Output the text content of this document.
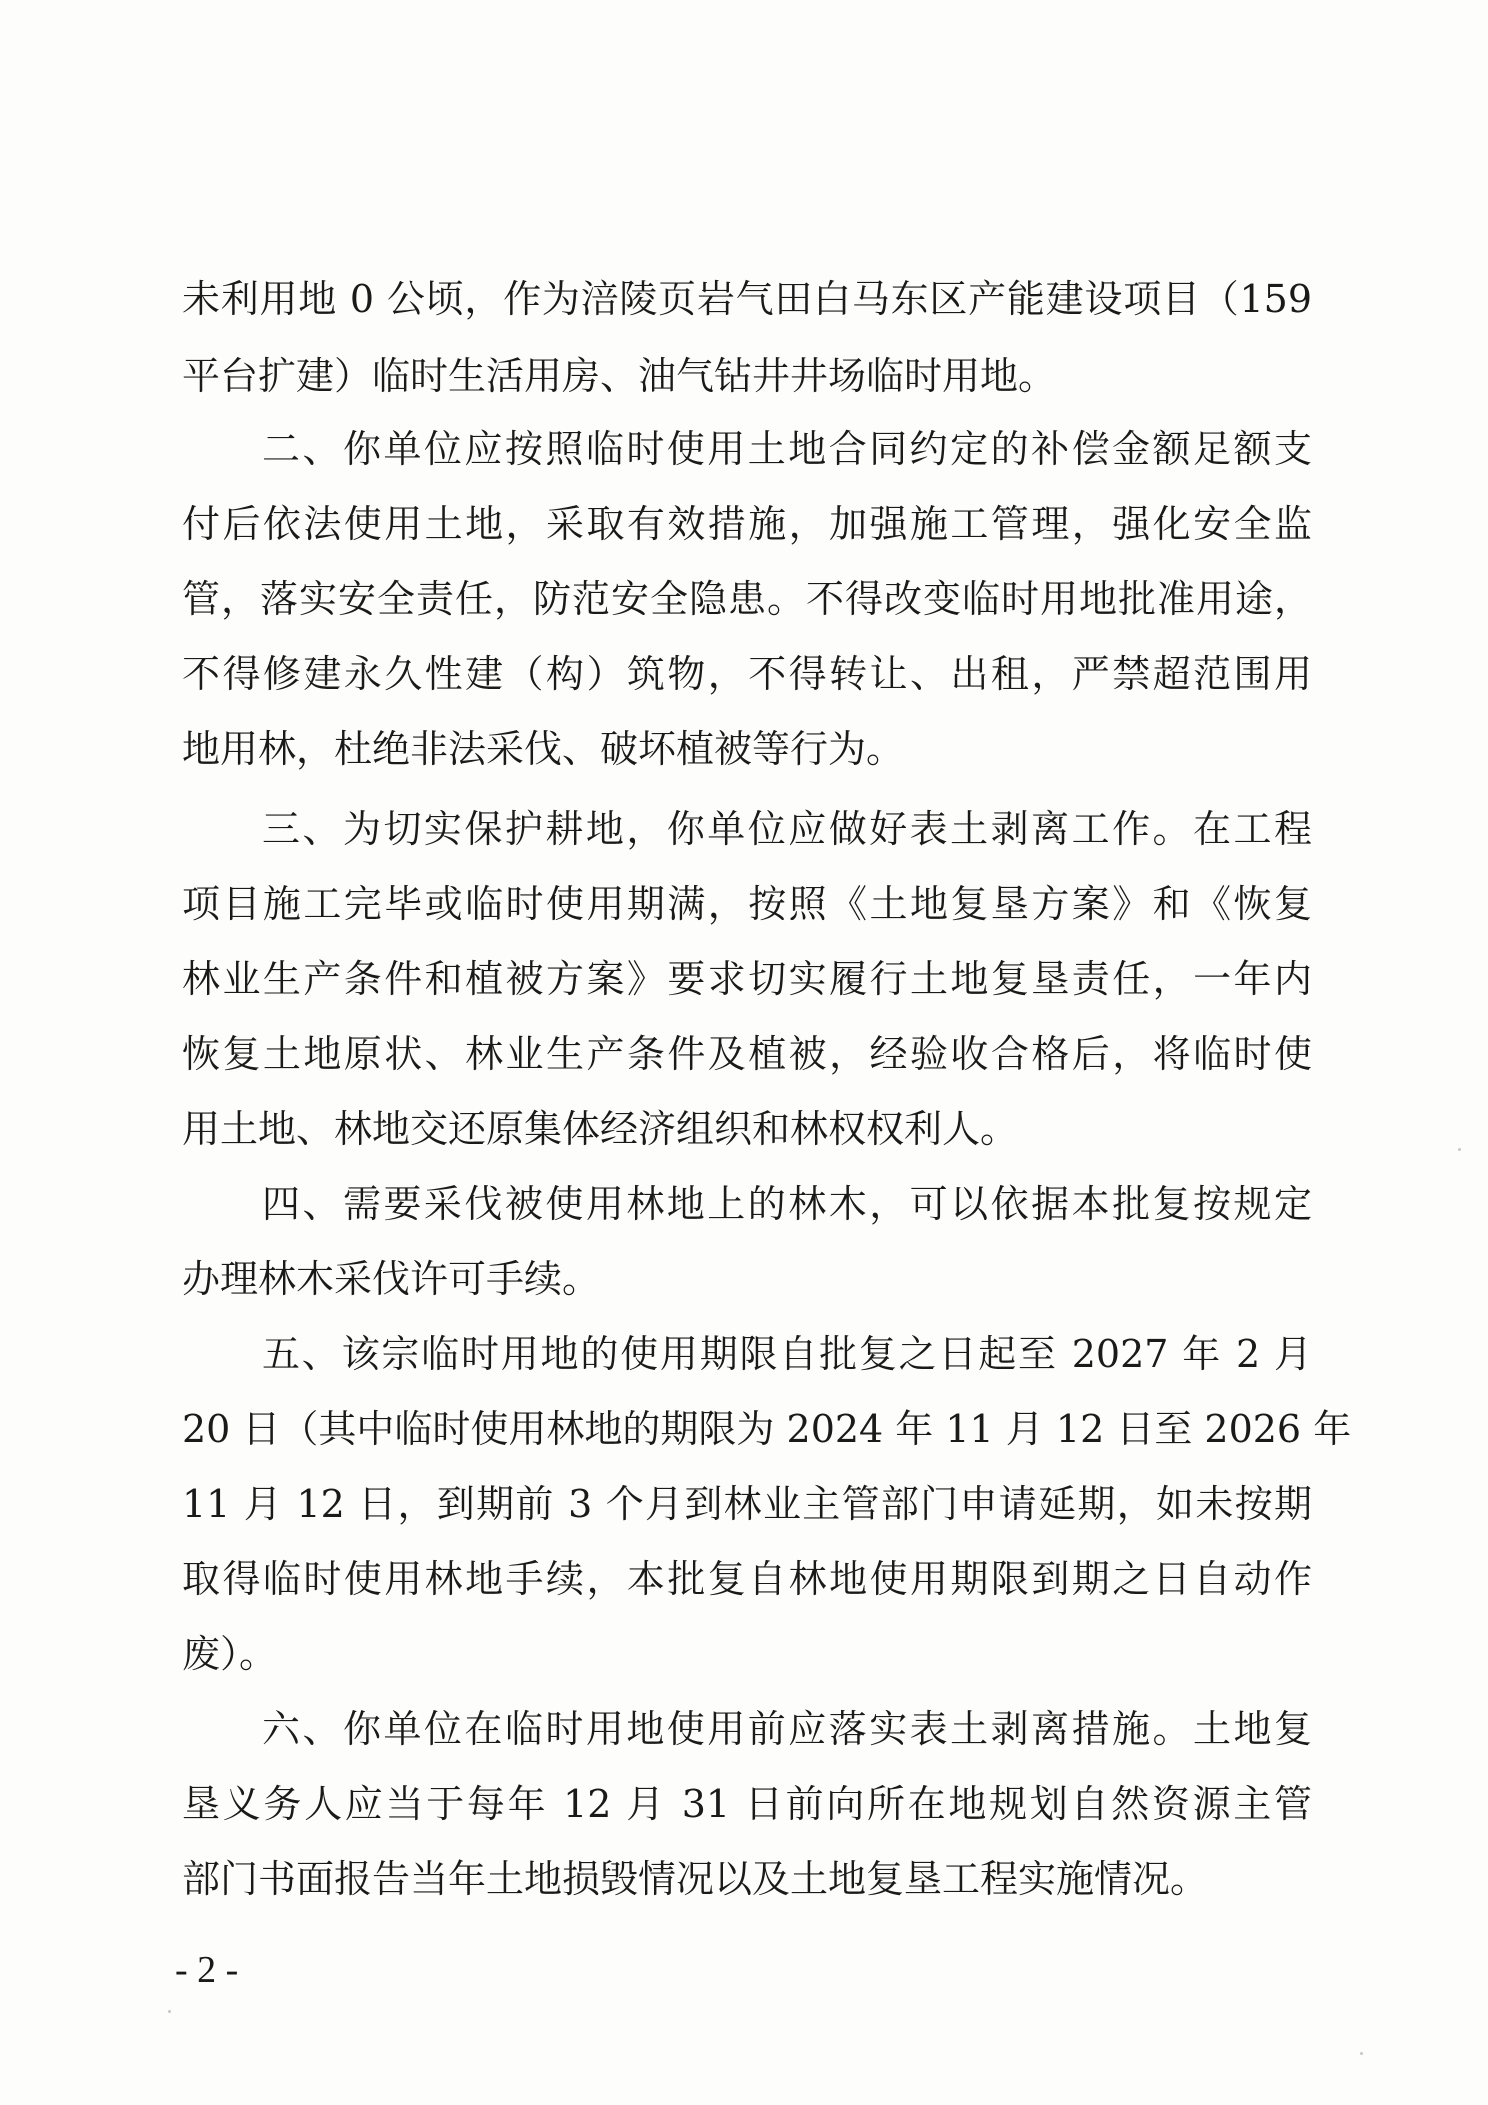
未利用地 0 公顷，作为涪陵页岩气田白马东区产能建设项目（159
平台扩建）临时生活用房、油气钻井井场临时用地。
二、你单位应按照临时使用土地合同约定的补偿金额足额支
付后依法使用土地，采取有效措施，加强施工管理，强化安全监
管，落实安全责任，防范安全隐患。不得改变临时用地批准用途，
不得修建永久性建（构）筑物，不得转让、出租，严禁超范围用
地用林，杜绝非法采伐、破坏植被等行为。
三、为切实保护耕地，你单位应做好表土剥离工作。在工程
项目施工完毕或临时使用期满，按照《土地复垦方案》和《恢复
林业生产条件和植被方案》要求切实履行土地复垦责任，一年内
恢复土地原状、林业生产条件及植被，经验收合格后，将临时使
用土地、林地交还原集体经济组织和林权权利人。
四、需要采伐被使用林地上的林木，可以依据本批复按规定
办理林木采伐许可手续。
五、该宗临时用地的使用期限自批复之日起至 2027 年 2 月
20 日（其中临时使用林地的期限为 2024 年 11 月 12 日至 2026 年
11 月 12 日，到期前 3 个月到林业主管部门申请延期，如未按期
取得临时使用林地手续，本批复自林地使用期限到期之日自动作
废）。
六、你单位在临时用地使用前应落实表土剥离措施。土地复
垦义务人应当于每年 12 月 31 日前向所在地规划自然资源主管
部门书面报告当年土地损毁情况以及土地复垦工程实施情况。
- 2 -
